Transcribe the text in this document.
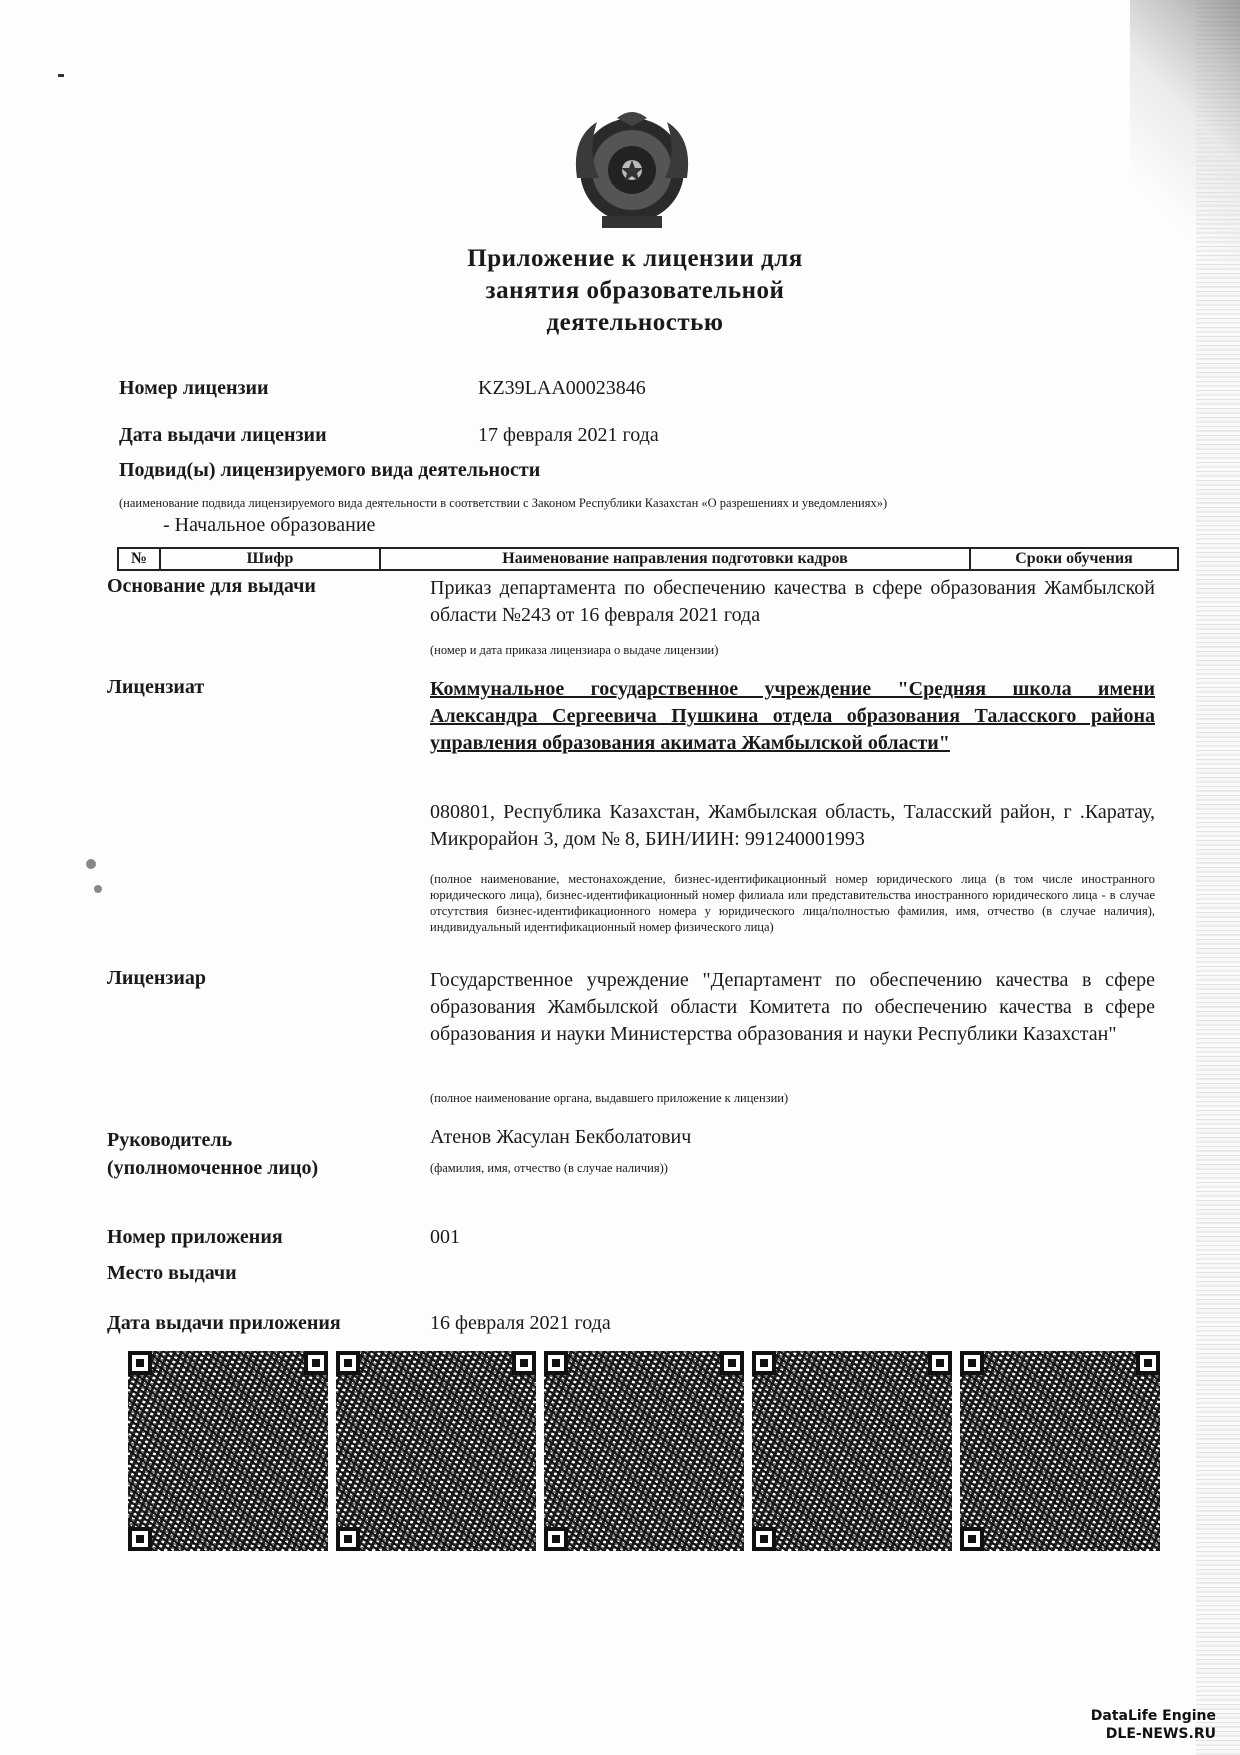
Приложение к лицензии для
занятия образовательной
деятельностью
Номер лицензии	KZ39LAA00023846
Дата выдачи лицензии	17 февраля 2021 года
Подвид(ы) лицензируемого вида деятельности
(наименование подвида лицензируемого вида деятельности в соответствии с Законом Республики Казахстан «О разрешениях и уведомлениях»)
- Начальное образование
№	Шифр	Наименование направления подготовки кадров	Сроки обучения
Основание для выдачи	Приказ департамента по обеспечению качества в сфере образования Жамбылской области №243 от 16 февраля 2021 года
(номер и дата приказа лицензиара о выдаче лицензии)
Лицензиат	Коммунальное государственное учреждение "Средняя школа имени Александра Сергеевича Пушкина отдела образования Таласского района управления образования акимата Жамбылской области"
080801, Республика Казахстан, Жамбылская область, Таласский район, г .Каратау, Микрорайон 3, дом № 8, БИН/ИИН: 991240001993
(полное наименование, местонахождение, бизнес-идентификационный номер юридического лица (в том числе иностранного юридического лица), бизнес-идентификационный номер филиала или представительства иностранного юридического лица - в случае отсутствия бизнес-идентификационного номера у юридического лица/полностью фамилия, имя, отчество (в случае наличия), индивидуальный идентификационный номер физического лица)
Лицензиар	Государственное учреждение "Департамент по обеспечению качества в сфере образования Жамбылской области Комитета по обеспечению качества в сфере образования и науки Министерства образования и науки Республики Казахстан"
(полное наименование органа, выдавшего приложение к лицензии)
Руководитель
(уполномоченное лицо)
Атенов Жасулан Бекболатович
(фамилия, имя, отчество (в случае наличия))
Номер приложения	001
Место выдачи
Дата выдачи приложения	16 февраля 2021 года
DataLife Engine
DLE-NEWS.RU
